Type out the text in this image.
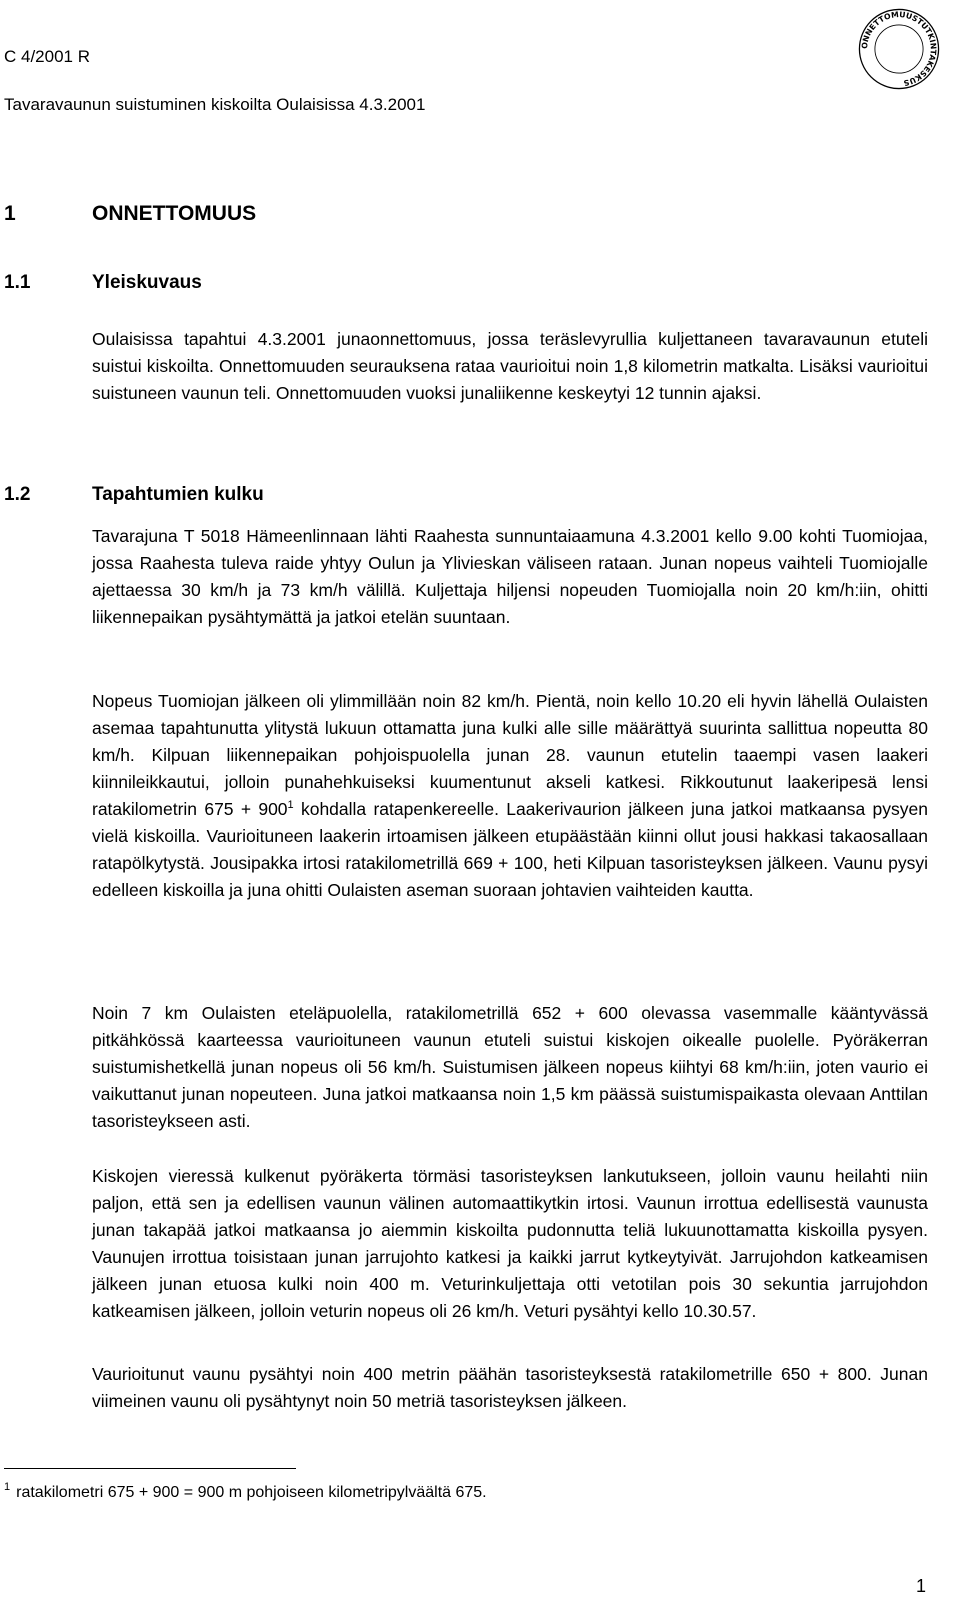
C 4/2001 R
Tavaravaunun suistuminen kiskoilta Oulaisissa 4.3.2001
ONNETTOMUUSTUTKINTAKESKUS
1	ONNETTOMUUS
1.1	Yleiskuvaus

Oulaisissa tapahtui 4.3.2001 junaonnettomuus, jossa teräslevyrullia kuljettaneen tavaravaunun etuteli suistui kiskoilta. Onnettomuuden seurauksena rataa vaurioitui noin 1,8 kilometrin matkalta. Lisäksi vaurioitui suistuneen vaunun teli. Onnettomuuden vuoksi junaliikenne keskeytyi 12 tunnin ajaksi.

1.2	Tapahtumien kulku

Tavarajuna T 5018 Hämeenlinnaan lähti Raahesta sunnuntaiaamuna 4.3.2001 kello 9.00 kohti Tuomiojaa, jossa Raahesta tuleva raide yhtyy Oulun ja Ylivieskan väliseen rataan. Junan nopeus vaihteli Tuomiojalle ajettaessa 30 km/h ja 73 km/h välillä. Kuljettaja hiljensi nopeuden Tuomiojalla noin 20 km/h:iin, ohitti liikennepaikan pysähtymättä ja jatkoi etelän suuntaan.

Nopeus Tuomiojan jälkeen oli ylimmillään noin 82 km/h. Pientä, noin kello 10.20 eli hyvin lähellä Oulaisten asemaa tapahtunutta ylitystä lukuun ottamatta juna kulki alle sille määrättyä suurinta sallittua nopeutta 80 km/h. Kilpuan liikennepaikan pohjoispuolella junan 28. vaunun etutelin taaempi vasen laakeri kiinnileikkautui, jolloin punahehkuiseksi kuumentunut akseli katkesi. Rikkoutunut laakeripesä lensi ratakilometrin $675 + 900^1$ kohdalla ratapenkereelle. Laakerivaurion jälkeen juna jatkoi matkaansa pysyen vielä kiskoilla. Vaurioituneen laakerin irtoamisen jälkeen etupäästään kiinni ollut jousi hakkasi takaosallaan ratapölkytystä. Jousipakka irtosi ratakilometrillä 669 + 100, heti Kilpuan tasoristeyksen jälkeen. Vaunu pysyi edelleen kiskoilla ja juna ohitti Oulaisten aseman suoraan johtavien vaihteiden kautta.

Noin 7 km Oulaisten eteläpuolella, ratakilometrillä 652 + 600 olevassa vasemmalle kääntyvässä pitkähkössä kaarteessa vaurioituneen vaunun etuteli suistui kiskojen oikealle puolelle. Pyöräkerran suistumishetkellä junan nopeus oli 56 km/h. Suistumisen jälkeen nopeus kiihtyi 68 km/h:iin, joten vaurio ei vaikuttanut junan nopeuteen. Juna jatkoi matkaansa noin 1,5 km päässä suistumispaikasta olevaan Anttilan tasoristeykseen asti.

Kiskojen vieressä kulkenut pyöräkerta törmäsi tasoristeyksen lankutukseen, jolloin vaunu heilahti niin paljon, että sen ja edellisen vaunun välinen automaattikytkin irtosi. Vaunun irrottua edellisestä vaunusta junan takapää jatkoi matkaansa jo aiemmin kiskoilta pudonnutta teliä lukuunottamatta kiskoilla pysyen. Vaunujen irrottua toisistaan junan jarrujohto katkesi ja kaikki jarrut kytkeytyivät. Jarrujohdon katkeamisen jälkeen junan etuosa kulki noin 400 m. Veturinkuljettaja otti vetotilan pois 30 sekuntia jarrujohdon katkeamisen jälkeen, jolloin veturin nopeus oli 26 km/h. Veturi pysähtyi kello 10.30.57.

Vaurioitunut vaunu pysähtyi noin 400 metrin päähän tasoristeyksestä ratakilometrille 650 + 800. Junan viimeinen vaunu oli pysähtynyt noin 50 metriä tasoristeyksen jälkeen.

$^1$ ratakilometri 675 + 900 = 900 m pohjoiseen kilometripylväältä 675.
1
